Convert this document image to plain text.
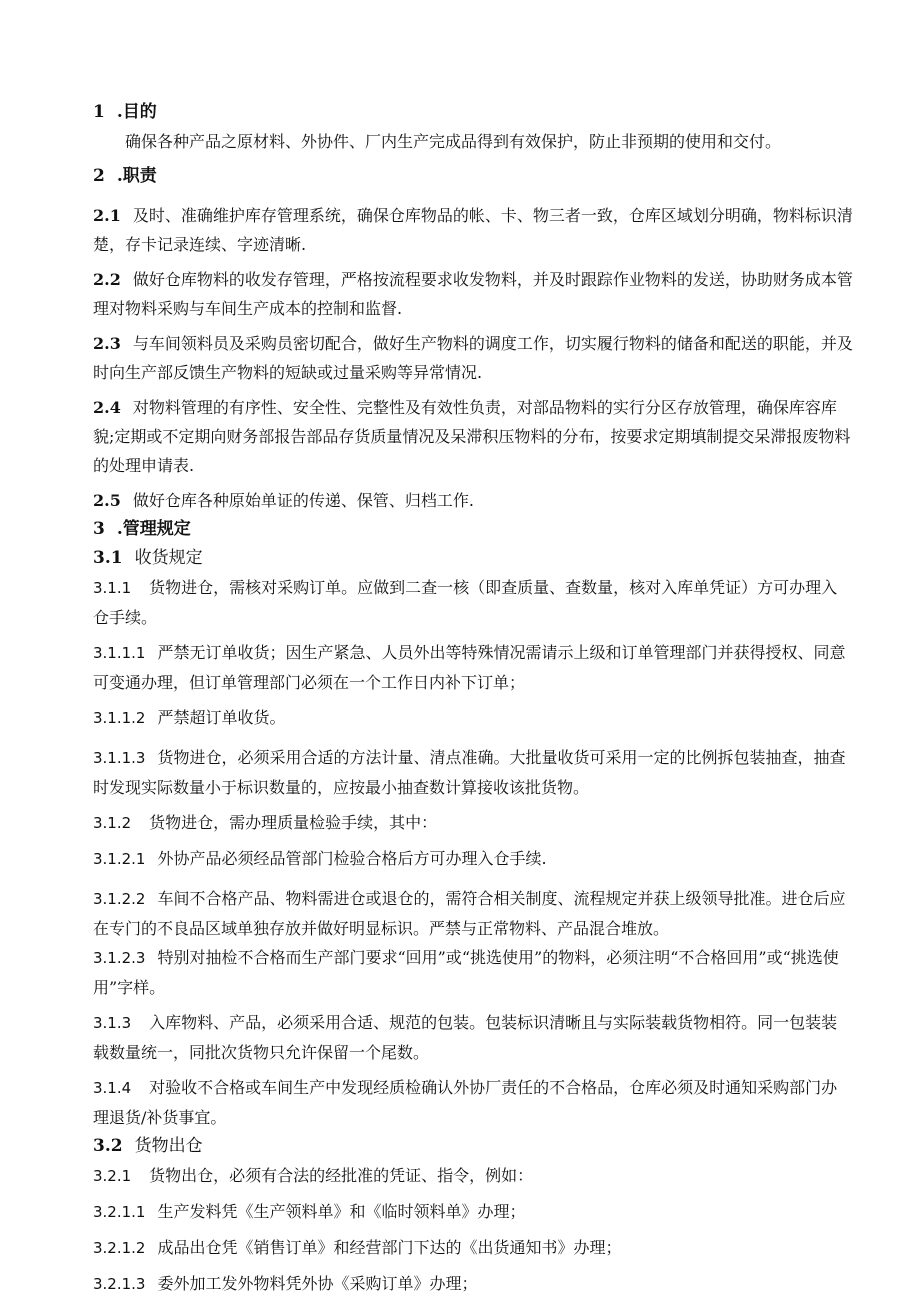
1 .目的

确保各种产品之原材料、外协件、厂内生产完成品得到有效保护，防止非预期的使用和交付。

2 .职责

2.1 及时、准确维护库存管理系统，确保仓库物品的帐、卡、物三者一致，仓库区域划分明确，物料标识清楚，存卡记录连续、字迹清晰.

2.2 做好仓库物料的收发存管理，严格按流程要求收发物料，并及时跟踪作业物料的发送，协助财务成本管理对物料采购与车间生产成本的控制和监督.

2.3 与车间领料员及采购员密切配合，做好生产物料的调度工作，切实履行物料的储备和配送的职能，并及时向生产部反馈生产物料的短缺或过量采购等异常情况.

2.4 对物料管理的有序性、安全性、完整性及有效性负责，对部品物料的实行分区存放管理，确保库容库貌;定期或不定期向财务部报告部品存货质量情况及呆滞积压物料的分布，按要求定期填制提交呆滞报废物料的处理申请表.

2.5 做好仓库各种原始单证的传递、保管、归档工作.

3 .管理规定

3.1 收货规定

3.1.1 货物进仓，需核对采购订单。应做到二查一核（即查质量、查数量，核对入库单凭证）方可办理入仓手续。

3.1.1.1 严禁无订单收货；因生产紧急、人员外出等特殊情况需请示上级和订单管理部门并获得授权、同意可变通办理，但订单管理部门必须在一个工作日内补下订单；

3.1.1.2 严禁超订单收货。

3.1.1.3 货物进仓，必须采用合适的方法计量、清点准确。大批量收货可采用一定的比例拆包装抽查，抽查时发现实际数量小于标识数量的，应按最小抽查数计算接收该批货物。

3.1.2 货物进仓，需办理质量检验手续，其中：

3.1.2.1 外协产品必须经品管部门检验合格后方可办理入仓手续.

3.1.2.2 车间不合格产品、物料需进仓或退仓的，需符合相关制度、流程规定并获上级领导批准。进仓后应在专门的不良品区域单独存放并做好明显标识。严禁与正常物料、产品混合堆放。

3.1.2.3 特别对抽检不合格而生产部门要求“回用”或“挑选使用”的物料，必须注明“不合格回用”或“挑选使用”字样。

3.1.3 入库物料、产品，必须采用合适、规范的包装。包装标识清晰且与实际装载货物相符。同一包装装载数量统一，同批次货物只允许保留一个尾数。

3.1.4 对验收不合格或车间生产中发现经质检确认外协厂责任的不合格品，仓库必须及时通知采购部门办理退货/补货事宜。

3.2 货物出仓

3.2.1 货物出仓，必须有合法的经批准的凭证、指令，例如：

3.2.1.1 生产发料凭《生产领料单》和《临时领料单》办理；

3.2.1.2 成品出仓凭《销售订单》和经营部门下达的《出货通知书》办理；

3.2.1.3 委外加工发外物料凭外协《采购订单》办理；
